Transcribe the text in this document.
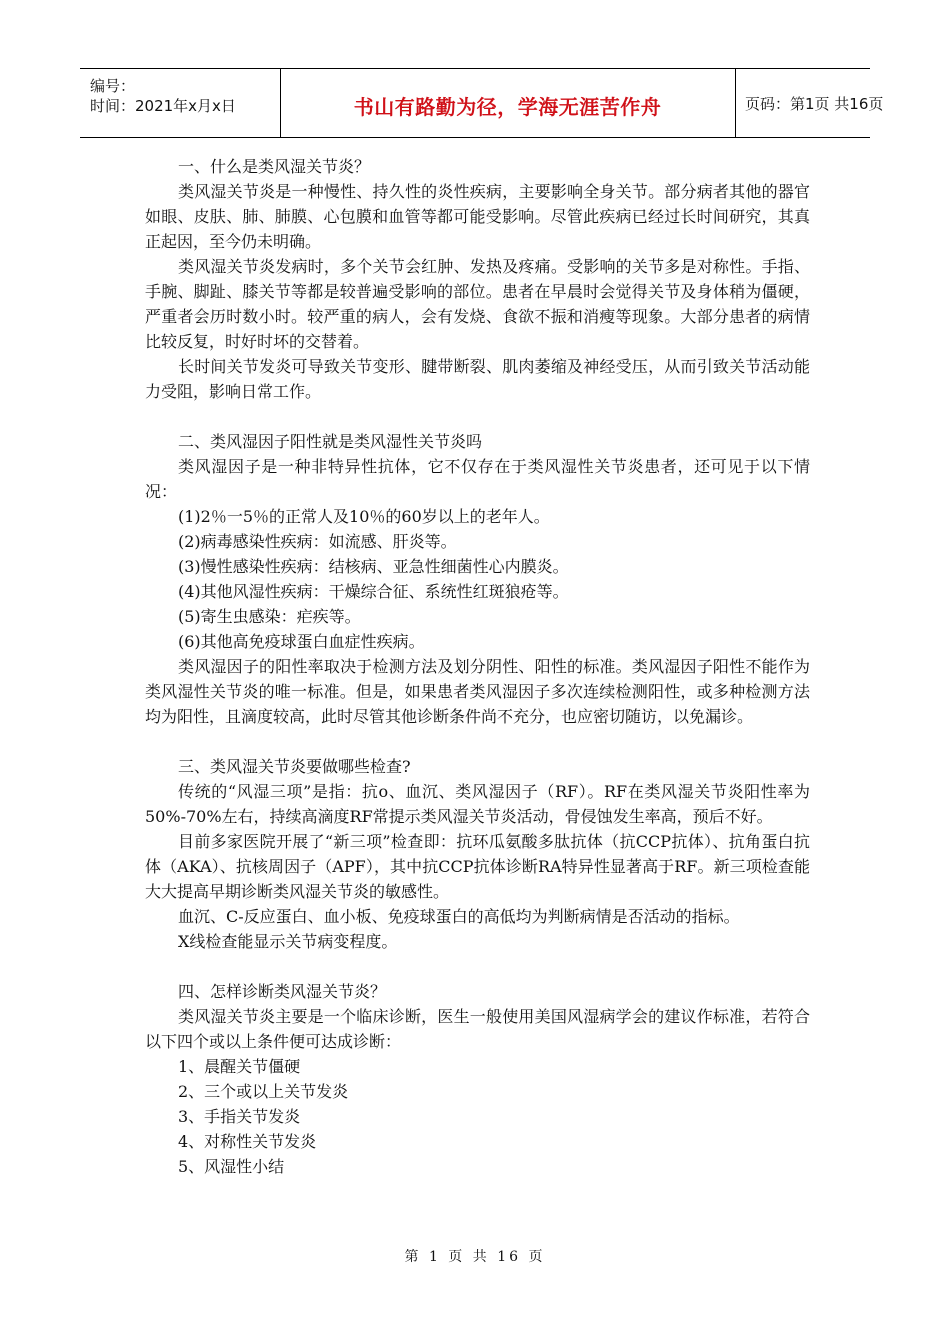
编号：
时间：2021年x月x日	书山有路勤为径，学海无涯苦作舟	页码：第1页 共16页

一、什么是类风湿关节炎？

类风湿关节炎是一种慢性、持久性的炎性疾病，主要影响全身关节。部分病者其他的器官如眼、皮肤、肺、肺膜、心包膜和血管等都可能受影响。尽管此疾病已经过长时间研究，其真正起因，至今仍未明确。

类风湿关节炎发病时，多个关节会红肿、发热及疼痛。受影响的关节多是对称性。手指、手腕、脚趾、膝关节等都是较普遍受影响的部位。患者在早晨时会觉得关节及身体稍为僵硬，严重者会历时数小时。较严重的病人，会有发烧、食欲不振和消瘦等现象。大部分患者的病情比较反复，时好时坏的交替着。

长时间关节发炎可导致关节变形、腱带断裂、肌肉萎缩及神经受压，从而引致关节活动能力受阻，影响日常工作。

二、类风湿因子阳性就是类风湿性关节炎吗

类风湿因子是一种非特异性抗体，它不仅存在于类风湿性关节炎患者，还可见于以下情况：

(1)2％一5％的正常人及10％的60岁以上的老年人。

(2)病毒感染性疾病：如流感、肝炎等。

(3)慢性感染性疾病：结核病、亚急性细菌性心内膜炎。

(4)其他风湿性疾病：干燥综合征、系统性红斑狼疮等。

(5)寄生虫感染：疟疾等。

(6)其他高免疫球蛋白血症性疾病。

类风湿因子的阳性率取决于检测方法及划分阴性、阳性的标准。类风湿因子阳性不能作为类风湿性关节炎的唯一标准。但是，如果患者类风湿因子多次连续检测阳性，或多种检测方法均为阳性，且滴度较高，此时尽管其他诊断条件尚不充分，也应密切随访，以免漏诊。

三、类风湿关节炎要做哪些检查?

传统的“风湿三项”是指：抗o、血沉、类风湿因子（RF）。RF在类风湿关节炎阳性率为50%-70%左右，持续高滴度RF常提示类风湿关节炎活动，骨侵蚀发生率高，预后不好。

目前多家医院开展了“新三项”检查即：抗环瓜氨酸多肽抗体（抗CCP抗体）、抗角蛋白抗体（AKA）、抗核周因子（APF），其中抗CCP抗体诊断RA特异性显著高于RF。新三项检查能大大提高早期诊断类风湿关节炎的敏感性。

血沉、C-反应蛋白、血小板、免疫球蛋白的高低均为判断病情是否活动的指标。

X线检查能显示关节病变程度。

四、怎样诊断类风湿关节炎？

类风湿关节炎主要是一个临床诊断，医生一般使用美国风湿病学会的建议作标准，若符合以下四个或以上条件便可达成诊断：

1、晨醒关节僵硬

2、三个或以上关节发炎

3、手指关节发炎

4、对称性关节发炎

5、风湿性小结

第 1 页 共 16 页
